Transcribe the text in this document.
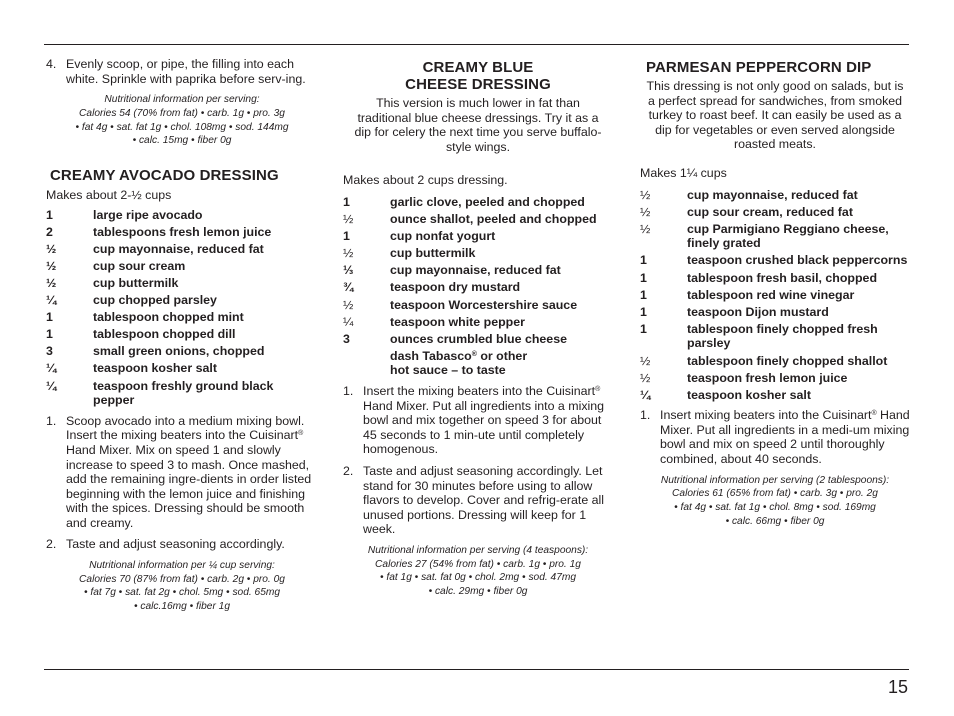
4. Evenly scoop, or pipe, the filling into each white. Sprinkle with paprika before serv-ing.

Nutritional information per serving:

Calories 54 (70% from fat) • carb. 1g • pro. 3g

• fat 4g • sat. fat 1g • chol. 108mg • sod. 144mg

• calc. 15mg • fiber 0g

CREAMY AVOCADO DRESSING

Makes about 2-½ cups

1	large ripe avocado
2	tablespoons fresh lemon juice
½	cup mayonnaise, reduced fat
½	cup sour cream
½	cup buttermilk
¼	cup chopped parsley
1	tablespoon chopped mint
1	tablespoon chopped dill
3	small green onions, chopped
¼	teaspoon kosher salt
¼	teaspoon freshly ground black pepper
1. Scoop avocado into a medium mixing bowl. Insert the mixing beaters into the Cuisinart® Hand Mixer. Mix on speed 1 and slowly increase to speed 3 to mash. Once mashed, add the remaining ingre-dients in order listed beginning with the lemon juice and finishing with the spices. Dressing should be smooth and creamy.
2. Taste and adjust seasoning accordingly.

Nutritional information per ¼ cup serving:

Calories 70 (87% from fat) • carb. 2g • pro. 0g

• fat 7g • sat. fat 2g • chol. 5mg • sod. 65mg

• calc.16mg • fiber 1g

CREAMY BLUE
CHEESE DRESSING

This version is much lower in fat than traditional blue cheese dressings. Try it as a dip for celery the next time you serve buffalo-style wings.

Makes about 2 cups dressing.

1	garlic clove, peeled and chopped
½	ounce shallot, peeled and chopped
1	cup nonfat yogurt
½	cup buttermilk
⅓	cup mayonnaise, reduced fat
¾	teaspoon dry mustard
½	teaspoon Worcestershire sauce
¼	teaspoon white pepper
3	ounces crumbled blue cheese
dash Tabasco® or other
hot sauce – to taste
1. Insert the mixing beaters into the Cuisinart® Hand Mixer. Put all ingredients into a mixing bowl and mix together on speed 3 for about 45 seconds to 1 min-ute until completely homogenous.
2. Taste and adjust seasoning accordingly. Let stand for 30 minutes before using to allow flavors to develop. Cover and refrig-erate all unused portions. Dressing will keep for 1 week.

Nutritional information per serving (4 teaspoons):

Calories 27 (54% from fat) • carb. 1g • pro. 1g

• fat 1g • sat. fat 0g • chol. 2mg • sod. 47mg

• calc. 29mg • fiber 0g

PARMESAN PEPPERCORN DIP

This dressing is not only good on salads, but is a perfect spread for sandwiches, from smoked turkey to roast beef. It can easily be used as a dip for vegetables or even served alongside roasted meats.

Makes 1¼ cups

½	cup mayonnaise, reduced fat
½	cup sour cream, reduced fat
½	cup Parmigiano Reggiano cheese, finely grated
1	teaspoon crushed black peppercorns
1	tablespoon fresh basil, chopped
1	tablespoon red wine vinegar
1	teaspoon Dijon mustard
1	tablespoon finely chopped fresh parsley
½	tablespoon finely chopped shallot
½	teaspoon fresh lemon juice
¼	teaspoon kosher salt
1. Insert mixing beaters into the Cuisinart® Hand Mixer. Put all ingredients in a medi-um mixing bowl and mix on speed 2 until thoroughly combined, about 40 seconds.

Nutritional information per serving (2 tablespoons):

Calories 61 (65% from fat) • carb. 3g • pro. 2g

• fat 4g • sat. fat 1g • chol. 8mg • sod. 169mg

• calc. 66mg • fiber 0g

15
